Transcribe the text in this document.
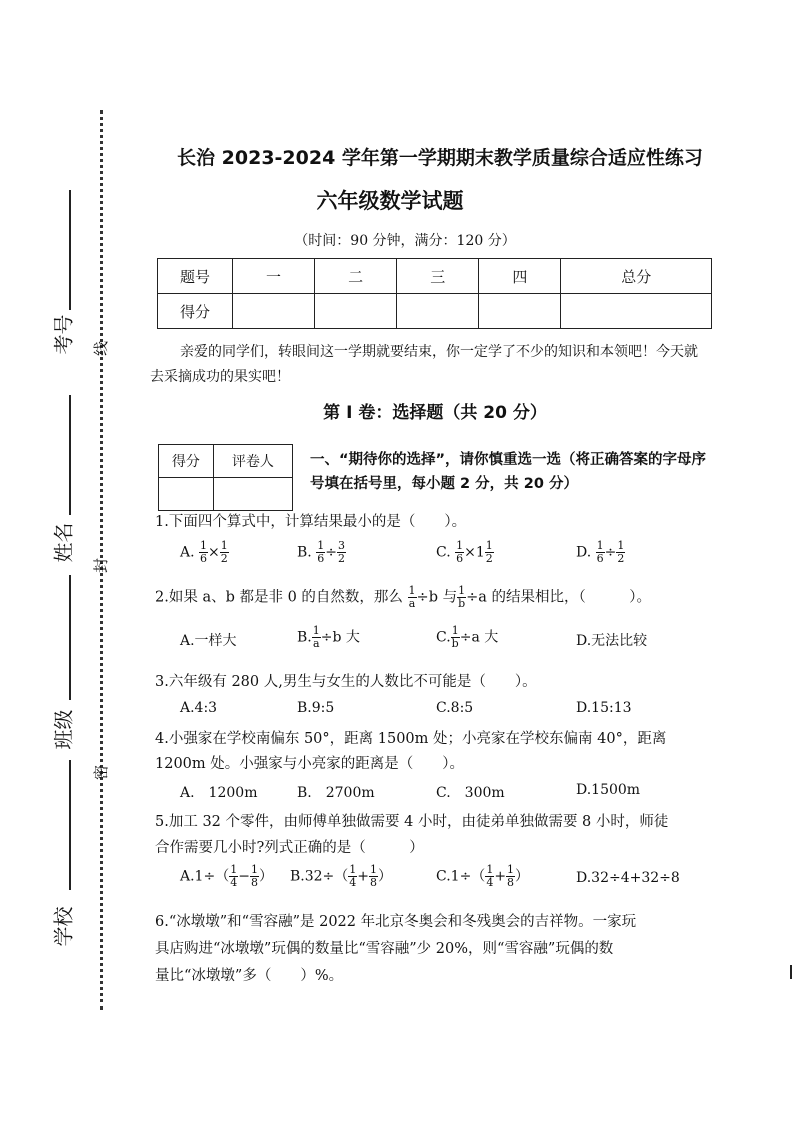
考号
姓名
班级
学校
线
封
密
长治 2023-2024 学年第一学期期末教学质量综合适应性练习
六年级数学试题
（时间：90 分钟，满分：120 分）
题号	一	二	三	四	总分
得分					
亲爱的同学们，转眼间这一学期就要结束，你一定学了不少的知识和本领吧！今天就去采摘成功的果实吧！
第 I 卷：选择题（共 20 分）
得分	评卷人
	一、“期待你的选择”，请你慎重选一选（将正确答案的字母序号填在括号里，每小题 2 分，共 20 分）
1.下面四个算式中，计算结果最小的是（　　）。
A. $\frac{1}{6} \times \frac{1}{2}$	B. $\frac{1}{6} \div \frac{3}{2}$	C. $\frac{1}{6} \times 1 \frac{1}{2}$	D. $\frac{1}{6} \div \frac{1}{2}$
2.如果 a、b 都是非 0 的自然数，那么 $\frac{1}{a} \div b$ 与 $\frac{1}{b} \div a$ 的结果相比，（　　　）。
A.一样大	B. $\frac{1}{a} \div b$ 大	C. $\frac{1}{b} \div a$ 大	D.无法比较
3.六年级有 280 人,男生与女生的人数比不可能是（　　）。
A.4:3	B.9:5	C.8:5	D.15:13
4.小强家在学校南偏东 50°，距离 1500m 处；小亮家在学校东偏南 40°，距离
1200m 处。小强家与小亮家的距离是（　　）。
A.　1200m	B.　2700m	C.　300m	D.1500m
5.加工 32 个零件，由师傅单独做需要 4 小时，由徒弟单独做需要 8 小时，师徒
合作需要几小时?列式正确的是（　　　）
$A.1\div( \frac{1}{4} - \frac{1}{8}$ ） $B.32\div( \frac{1}{4} + \frac{1}{8}$ ）	$C.1\div( \frac{1}{4} + \frac{1}{8}$ ）	D.32÷4+32÷8
6.“冰墩墩”和“雪容融”是 2022 年北京冬奥会和冬残奥会的吉祥物。一家玩
具店购进“冰墩墩”玩偶的数量比“雪容融”少 20%，则“雪容融”玩偶的数
量比“冰墩墩”多（　　）%。
